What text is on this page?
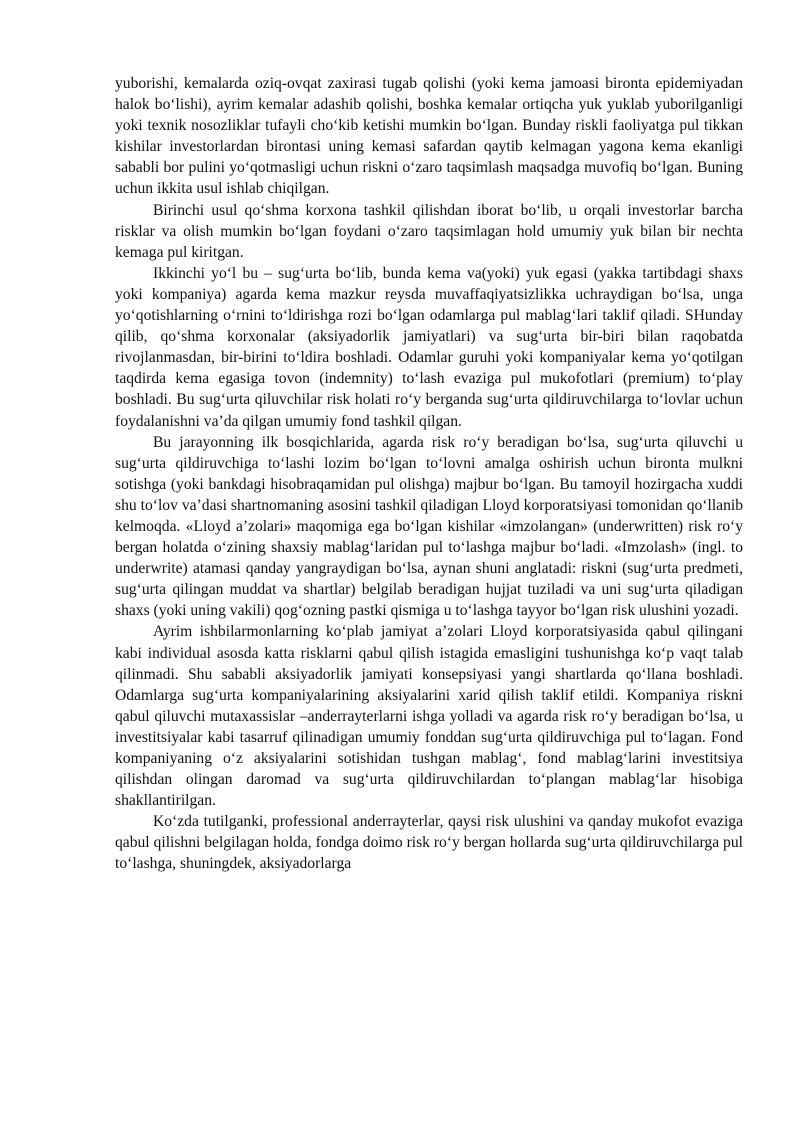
yuborishi, kemalarda oziq-ovqat zaxirasi tugab qolishi (yoki kema jamoasi bironta epidemiyadan halok bo‘lishi), ayrim kemalar adashib qolishi, boshka kemalar ortiqcha yuk yuklab yuborilganligi yoki texnik nosozliklar tufayli cho‘kib ketishi mumkin bo‘lgan. Bunday riskli faoliyatga pul tikkan kishilar investorlardan birontasi uning kemasi safardan qaytib kelmagan yagona kema ekanligi sababli bor pulini yo‘qotmasligi uchun riskni o‘zaro taqsimlash maqsadga muvofiq bo‘lgan. Buning uchun ikkita usul ishlab chiqilgan.

Birinchi usul qo‘shma korxona tashkil qilishdan iborat bo‘lib, u orqali investorlar barcha risklar va olish mumkin bo‘lgan foydani o‘zaro taqsimlagan hold umumiy yuk bilan bir nechta kemaga pul kiritgan.

Ikkinchi yo‘l bu – sug‘urta bo‘lib, bunda kema va(yoki) yuk egasi (yakka tartibdagi shaxs yoki kompaniya) agarda kema mazkur reysda muvaffaqiyatsizlikka uchraydigan bo‘lsa, unga yo‘qotishlarning o‘rnini to‘ldirishga rozi bo‘lgan odamlarga pul mablag‘lari taklif qiladi. SHunday qilib, qo‘shma korxonalar (aksiyadorlik jamiyatlari) va sug‘urta bir-biri bilan raqobatda rivojlanmasdan, bir-birini to‘ldira boshladi. Odamlar guruhi yoki kompaniyalar kema yo‘qotilgan taqdirda kema egasiga tovon (indemnity) to‘lash evaziga pul mukofotlari (premium) to‘play boshladi. Bu sug‘urta qiluvchilar risk holati ro‘y berganda sug‘urta qildiruvchilarga to‘lovlar uchun foydalanishni va’da qilgan umumiy fond tashkil qilgan.

Bu jarayonning ilk bosqichlarida, agarda risk ro‘y beradigan bo‘lsa, sug‘urta qiluvchi u sug‘urta qildiruvchiga to‘lashi lozim bo‘lgan to‘lovni amalga oshirish uchun bironta mulkni sotishga (yoki bankdagi hisobraqamidan pul olishga) majbur bo‘lgan. Bu tamoyil hozirgacha xuddi shu to‘lov va’dasi shartnomaning asosini tashkil qiladigan Lloyd korporatsiyasi tomonidan qo‘llanib kelmoqda. «Lloyd a’zolari» maqomiga ega bo‘lgan kishilar «imzolangan» (underwritten) risk ro‘y bergan holatda o‘zining shaxsiy mablag‘laridan pul to‘lashga majbur bo‘ladi. «Imzolash» (ingl. to underwrite) atamasi qanday yangraydigan bo‘lsa, aynan shuni anglatadi: riskni (sug‘urta predmeti, sug‘urta qilingan muddat va shartlar) belgilab beradigan hujjat tuziladi va uni sug‘urta qiladigan shaxs (yoki uning vakili) qog‘ozning pastki qismiga u to‘lashga tayyor bo‘lgan risk ulushini yozadi.

Ayrim ishbilarmonlarning ko‘plab jamiyat a’zolari Lloyd korporatsiyasida qabul qilingani kabi individual asosda katta risklarni qabul qilish istagida emasligini tushunishga ko‘p vaqt talab qilinmadi. Shu sababli aksiyadorlik jamiyati konsepsiyasi yangi shartlarda qo‘llana boshladi. Odamlarga sug‘urta kompaniyalarining aksiyalarini xarid qilish taklif etildi. Kompaniya riskni qabul qiluvchi mutaxassislar –anderrayterlarni ishga yolladi va agarda risk ro‘y beradigan bo‘lsa, u investitsiyalar kabi tasarruf qilinadigan umumiy fonddan sug‘urta qildiruvchiga pul to‘lagan. Fond kompaniyaning o‘z aksiyalarini sotishidan tushgan mablag‘, fond mablag‘larini investitsiya qilishdan olingan daromad va sug‘urta qildiruvchilardan to‘plangan mablag‘lar hisobiga shakllantirilgan.

Ko‘zda tutilganki, professional anderrayterlar, qaysi risk ulushini va qanday mukofot evaziga qabul qilishni belgilagan holda, fondga doimo risk ro‘y bergan hollarda sug‘urta qildiruvchilarga pul to‘lashga, shuningdek, aksiyadorlarga
